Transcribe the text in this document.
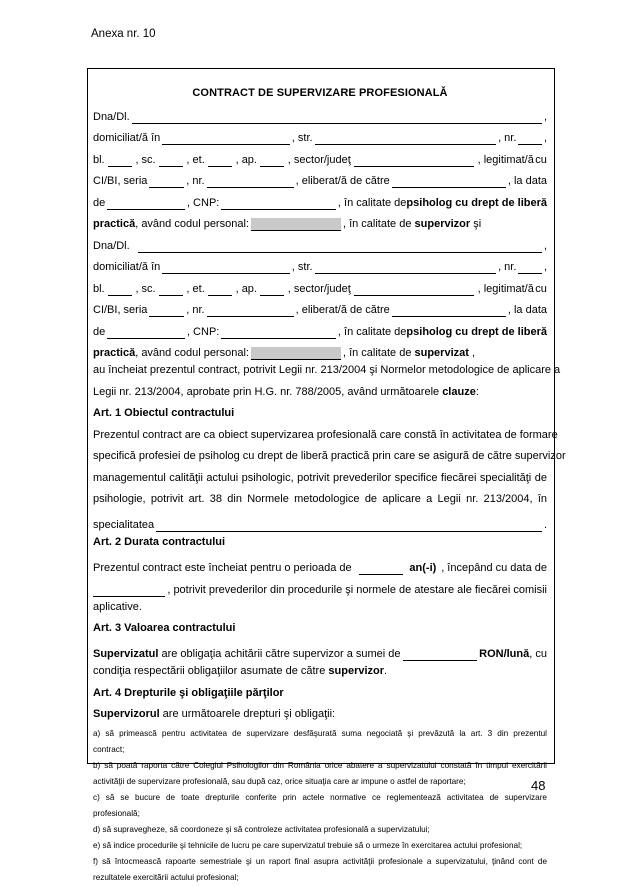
Anexa nr. 10
CONTRACT DE SUPERVIZARE PROFESIONALĂ
Dna/Dl.	,
domiciliat/ă în	, str.	, nr.	,
bl.	, sc.	, et.	, ap.	, sector/judeţ	, legitimat/ă cu
CI/BI, seria	, nr.	, eliberat/ă de către	, la data
de	, CNP:	, în calitate de psiholog cu drept de liberă
practică , având codul personal:	, în calitate de
supervizor
şi
Dna/Dl.	,
domiciliat/ă în	, str.	, nr.	,
bl.	, sc.	, et.	, ap.	, sector/judeţ	, legitimat/ă cu
CI/BI, seria	, nr.	, eliberat/ă de către	, la data
de	, CNP:	, în calitate de psiholog cu drept de liberă
practică , având codul personal:	, în calitate de supervizat ,
au încheiat prezentul contract, potrivit Legii nr. 213/2004 şi Normelor metodologice de aplicare a
Legii nr. 213/2004, aprobate prin H.G. nr. 788/2005, având următoarele clauze:
Art. 1 Obiectul contractului
Prezentul contract are ca obiect supervizarea profesională care constă în activitatea de formare
specifică profesiei de psiholog cu drept de liberă practică prin care se asigură de către supervizor
managementul calităţii actului psihologic, potrivit prevederilor specifice fiecărei specialităţi de
psihologie, potrivit art. 38 din Normele metodologice de aplicare a Legii nr. 213/2004, în
specialitatea	.
Art. 2 Durata contractului
Prezentul contract este încheiat pentru o perioada de	an(-i) , începând cu data de
, potrivit prevederilor din procedurile şi normele de atestare ale fiecărei comisii
aplicative.
Art. 3 Valoarea contractului
Supervizatul are obligaţia achitării către supervizor a sumei de	RON/lună, cu
condiţia respectării obligaţiilor asumate de către supervizor.
Art. 4 Drepturile şi obligaţiile părţilor
Supervizorul are următoarele drepturi şi obligaţii:
a) să primească pentru activitatea de supervizare desfăşurată suma negociată şi prevăzută la art. 3 din prezentul
contract;
b) să poată raporta către Colegiul Psihologilor din România orice abatere a supervizatului constată în timpul exercitării
activităţii de supervizare profesională, sau după caz, orice situaţia care ar impune o astfel de raportare;
c) să se bucure de toate drepturile conferite prin actele normative ce reglementează activitatea de supervizare
profesională;
d) să supravegheze, să coordoneze şi să controleze activitatea profesională a supervizatului;
e) să indice procedurile şi tehnicile de lucru pe care supervizatul trebuie să o urmeze în exercitarea actului profesional;
f) să întocmească rapoarte semestriale şi un raport final asupra activităţii profesionale a supervizatului, ţinând cont de
rezultatele exercitării actului profesional;
48
